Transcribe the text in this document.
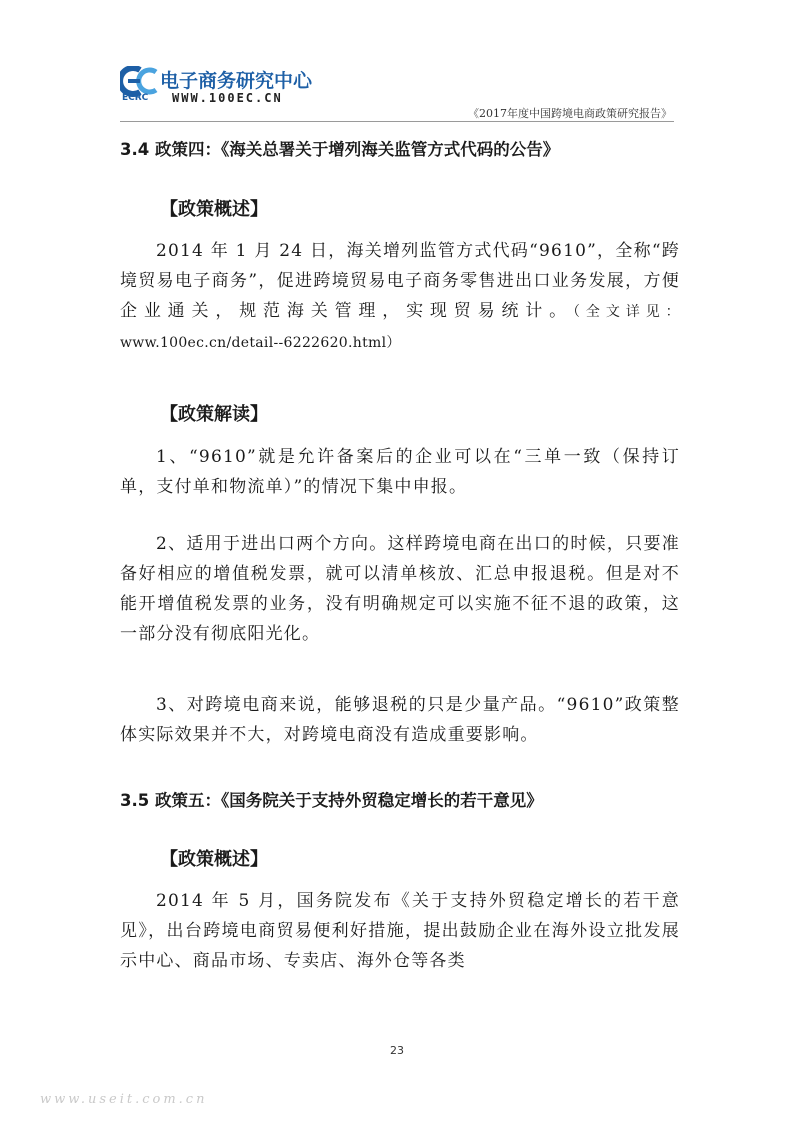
电子商务研究中心
ECRC WWW.100EC.CN
《2017年度中国跨境电商政策研究报告》
3.4 政策四：《海关总署关于增列海关监管方式代码的公告》
【政策概述】

2014 年 1 月 24 日，海关增列监管方式代码“9610”，全称“跨境贸易电子商务”，促进跨境贸易电子商务零售进出口业务发展，方便企业通关，规范海关管理，实现贸易统计。（全文详见：www.100ec.cn/detail--6222620.html）

【政策解读】

1、“9610”就是允许备案后的企业可以在“三单一致（保持订单，支付单和物流单）”的情况下集中申报。

2、适用于进出口两个方向。这样跨境电商在出口的时候，只要准备好相应的增值税发票，就可以清单核放、汇总申报退税。但是对不能开增值税发票的业务，没有明确规定可以实施不征不退的政策，这一部分没有彻底阳光化。

3、对跨境电商来说，能够退税的只是少量产品。“9610”政策整体实际效果并不大，对跨境电商没有造成重要影响。

3.5 政策五：《国务院关于支持外贸稳定增长的若干意见》
【政策概述】

2014 年 5 月，国务院发布《关于支持外贸稳定增长的若干意见》，出台跨境电商贸易便利好措施，提出鼓励企业在海外设立批发展示中心、商品市场、专卖店、海外仓等各类

23
www.useit.com.cn
